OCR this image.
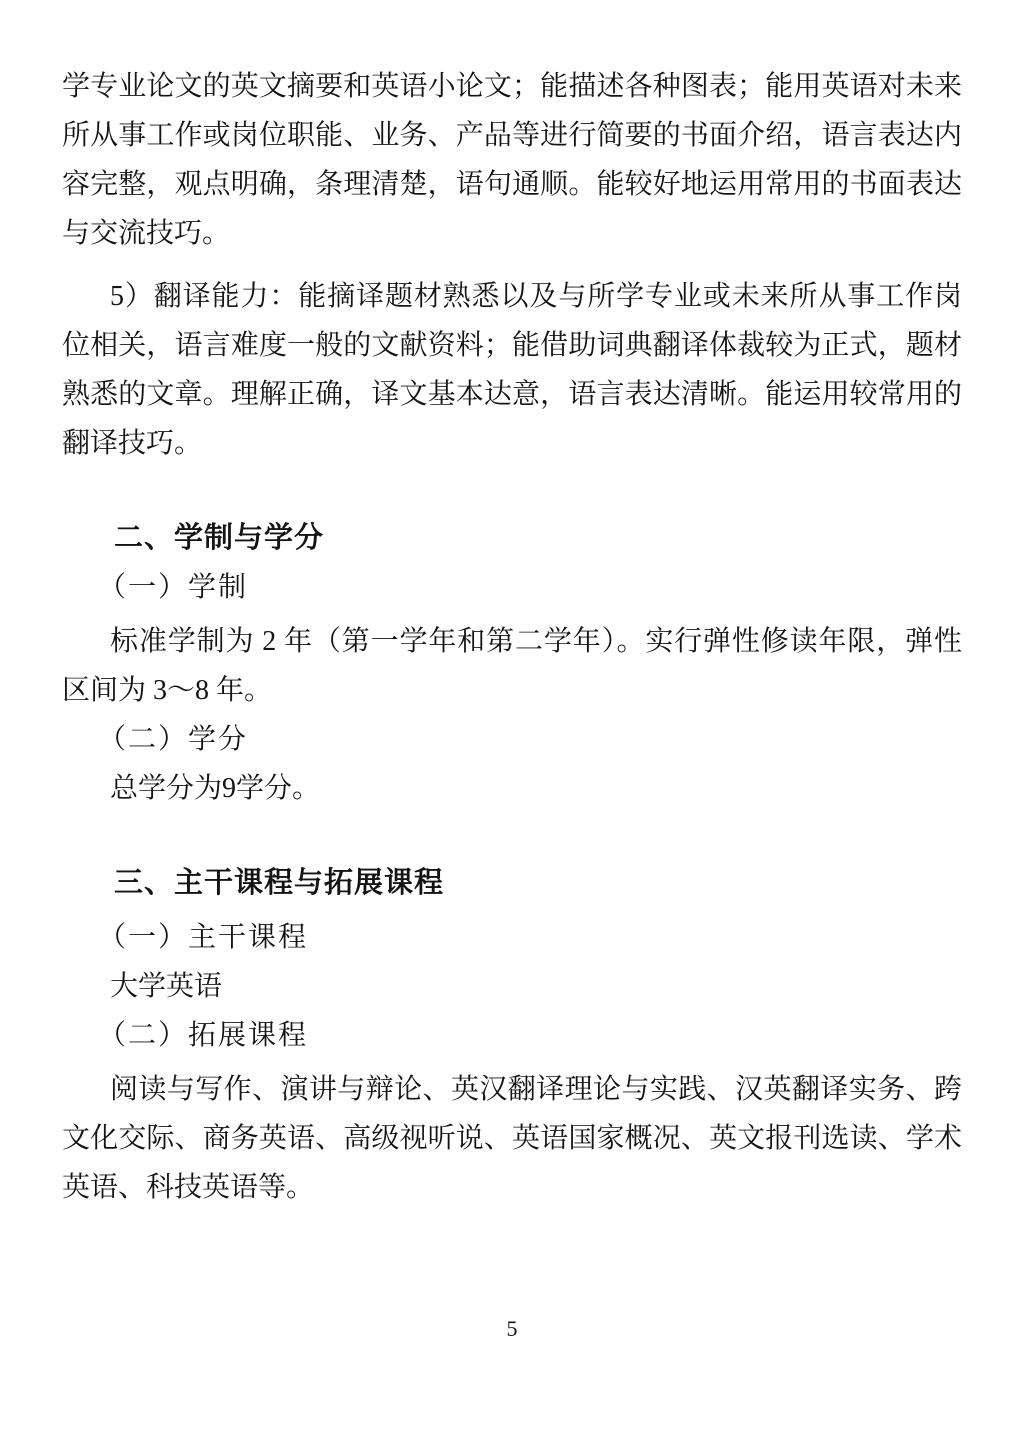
学专业论文的英文摘要和英语小论文；能描述各种图表；能用英语对未来所从事工作或岗位职能、业务、产品等进行简要的书面介绍，语言表达内容完整，观点明确，条理清楚，语句通顺。能较好地运用常用的书面表达与交流技巧。

5）翻译能力：能摘译题材熟悉以及与所学专业或未来所从事工作岗位相关，语言难度一般的文献资料；能借助词典翻译体裁较为正式，题材熟悉的文章。理解正确，译文基本达意，语言表达清晰。能运用较常用的翻译技巧。

二、学制与学分
（一）学制

标准学制为 2 年（第一学年和第二学年）。实行弹性修读年限，弹性区间为 3～8 年。

（二）学分

总学分为9学分。

三、主干课程与拓展课程
（一）主干课程

大学英语

（二）拓展课程

阅读与写作、演讲与辩论、英汉翻译理论与实践、汉英翻译实务、跨文化交际、商务英语、高级视听说、英语国家概况、英文报刊选读、学术英语、科技英语等。

5
